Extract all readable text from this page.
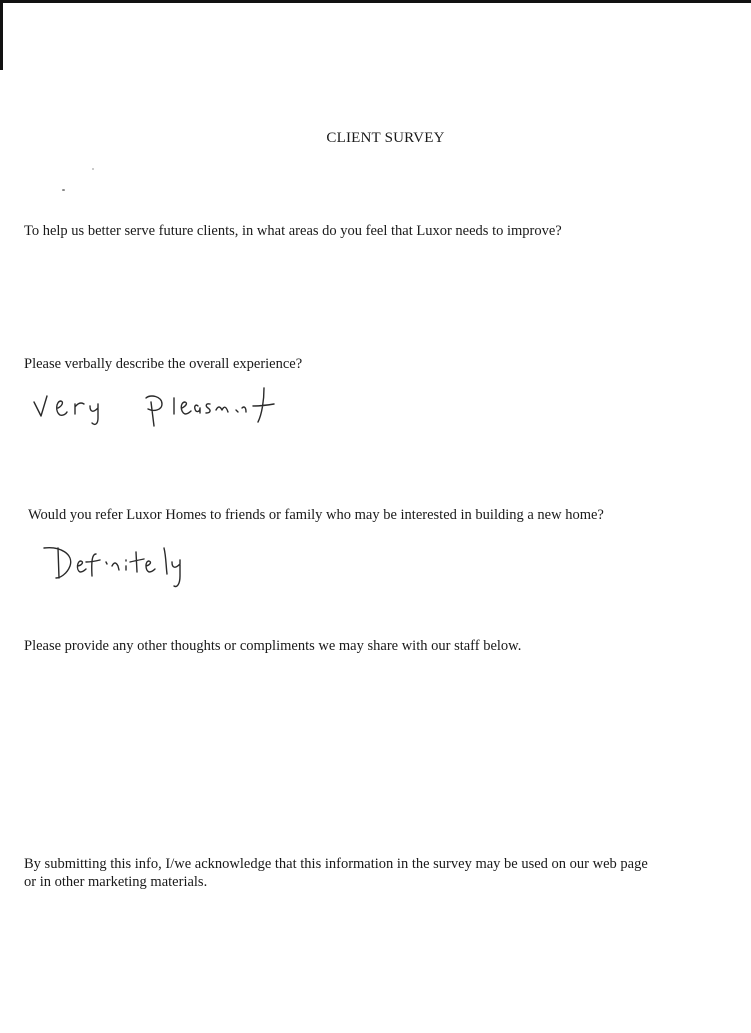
CLIENT SURVEY
To help us better serve future clients, in what areas do you feel that Luxor needs to improve?
Please verbally describe the overall experience?
Would you refer Luxor Homes to friends or family who may be interested in building a new home?
Please provide any other thoughts or compliments we may share with our staff below.
By submitting this info, I/we acknowledge that this information in the survey may be used on our web page or in other marketing materials.
